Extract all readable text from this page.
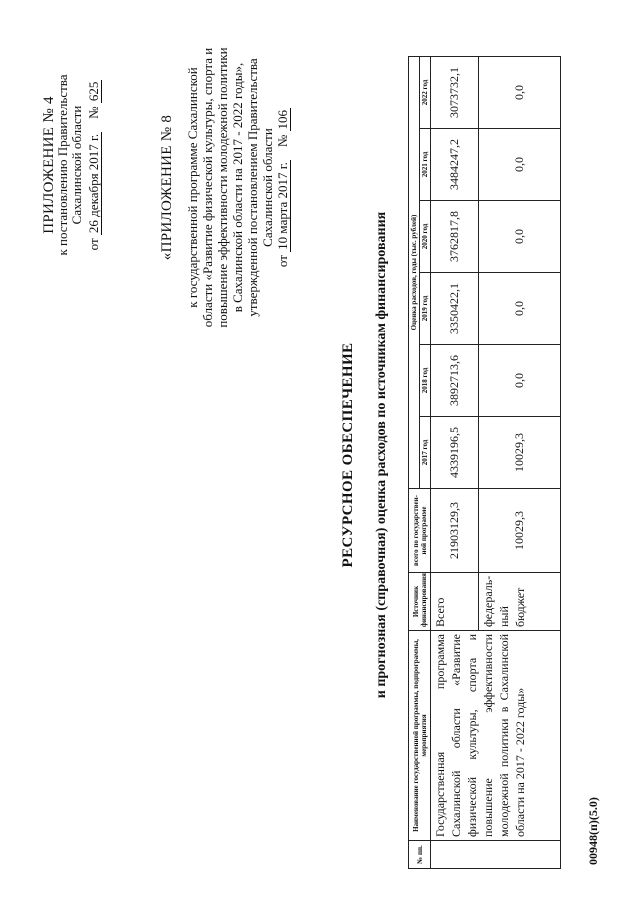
ПРИЛОЖЕНИЕ № 4
к постановлению Правительства Сахалинской области
от 26 декабря 2017 г.    № 625
«ПРИЛОЖЕНИЕ № 8 к государственной программе Сахалинской области «Развитие физической культуры, спорта и повышение эффективности молодежной политики в Сахалинской области на 2017 - 2022 годы», утвержденной постановлением Правительства Сахалинской области
от 10 марта 2017 г.    № 106
РЕСУРСНОЕ ОБЕСПЕЧЕНИЕ и прогнозная (справочная) оценка расходов по источникам финансирования
№ пп.	Наименование государственной программы, подпрограммы, мероприятия	Источник финансирования	всего по государствен-ной программе	Оценка расходов, годы (тыс. рублей)					
				2017 год	2018 год	2019 год	2020 год	2021 год	2022 год
	Государственная программа Сахалинской области «Развитие физической культуры, спорта и повышение эффективности молодежной политики в Сахалинской области на 2017 - 2022 годы»	Всего	21903129,3	4339196,5	3892713,6	3350422,1	3762817,8	3484247,2	3073732,1
		федераль-ный бюджет	10029,3	10029,3	0,0	0,0	0,0	0,0	0,0
00948(п)(5.0)
